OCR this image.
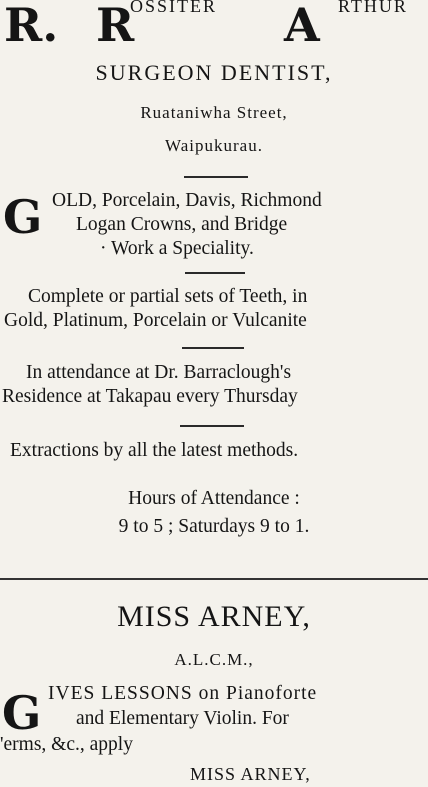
R. R
OSSITER A RTHUR
SURGEON DENTIST,
Ruataniwha Street,
Waipukurau.
G OLD, Porcelain, Davis, Richmond
Logan Crowns, and Bridge
· Work a Speciality.
Complete or partial sets of Teeth, in
Gold, Platinum, Porcelain or Vulcanite
In attendance at Dr. Barraclough's
Residence at Takapau every Thursday
Extractions by all the latest methods.
Hours of Attendance :
9 to 5 ; Saturdays 9 to 1.
MISS ARNEY,
A.L.C.M.,
G IVES LESSONS on Pianoforte
and Elementary Violin. For
'erms, &c., apply
MISS ARNEY,
